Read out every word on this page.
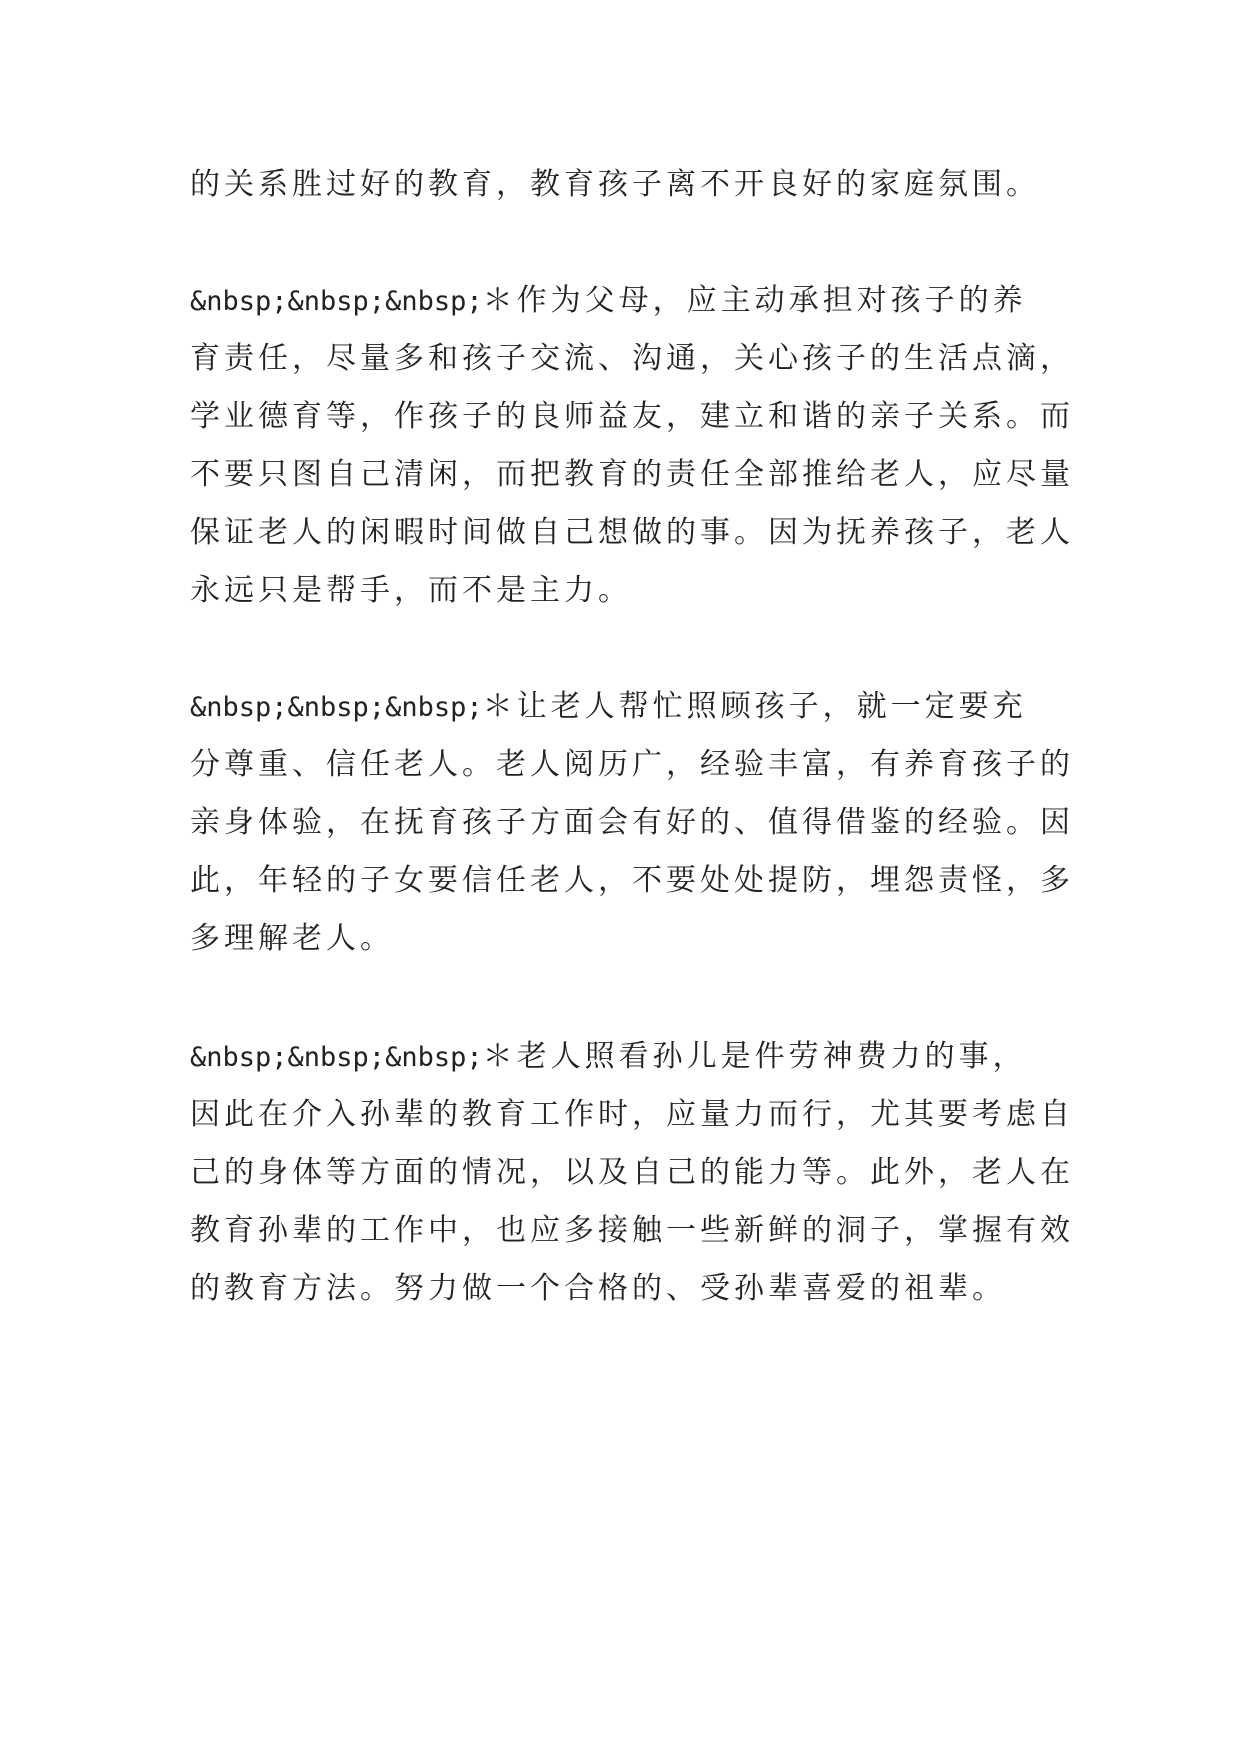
的关系胜过好的教育，教育孩子离不开良好的家庭氛围。
&nbsp;&nbsp;&nbsp;＊作为父母，应主动承担对孩子的养
育责任，尽量多和孩子交流、沟通，关心孩子的生活点滴，
学业德育等，作孩子的良师益友，建立和谐的亲子关系。而
不要只图自己清闲，而把教育的责任全部推给老人，应尽量
保证老人的闲暇时间做自己想做的事。因为抚养孩子，老人
永远只是帮手，而不是主力。
&nbsp;&nbsp;&nbsp;＊让老人帮忙照顾孩子，就一定要充
分尊重、信任老人。老人阅历广，经验丰富，有养育孩子的
亲身体验，在抚育孩子方面会有好的、值得借鉴的经验。因
此，年轻的子女要信任老人，不要处处提防，埋怨责怪，多
多理解老人。
&nbsp;&nbsp;&nbsp;＊老人照看孙儿是件劳神费力的事，
因此在介入孙辈的教育工作时，应量力而行，尤其要考虑自
己的身体等方面的情况，以及自己的能力等。此外，老人在
教育孙辈的工作中，也应多接触一些新鲜的洞子，掌握有效
的教育方法。努力做一个合格的、受孙辈喜爱的祖辈。
